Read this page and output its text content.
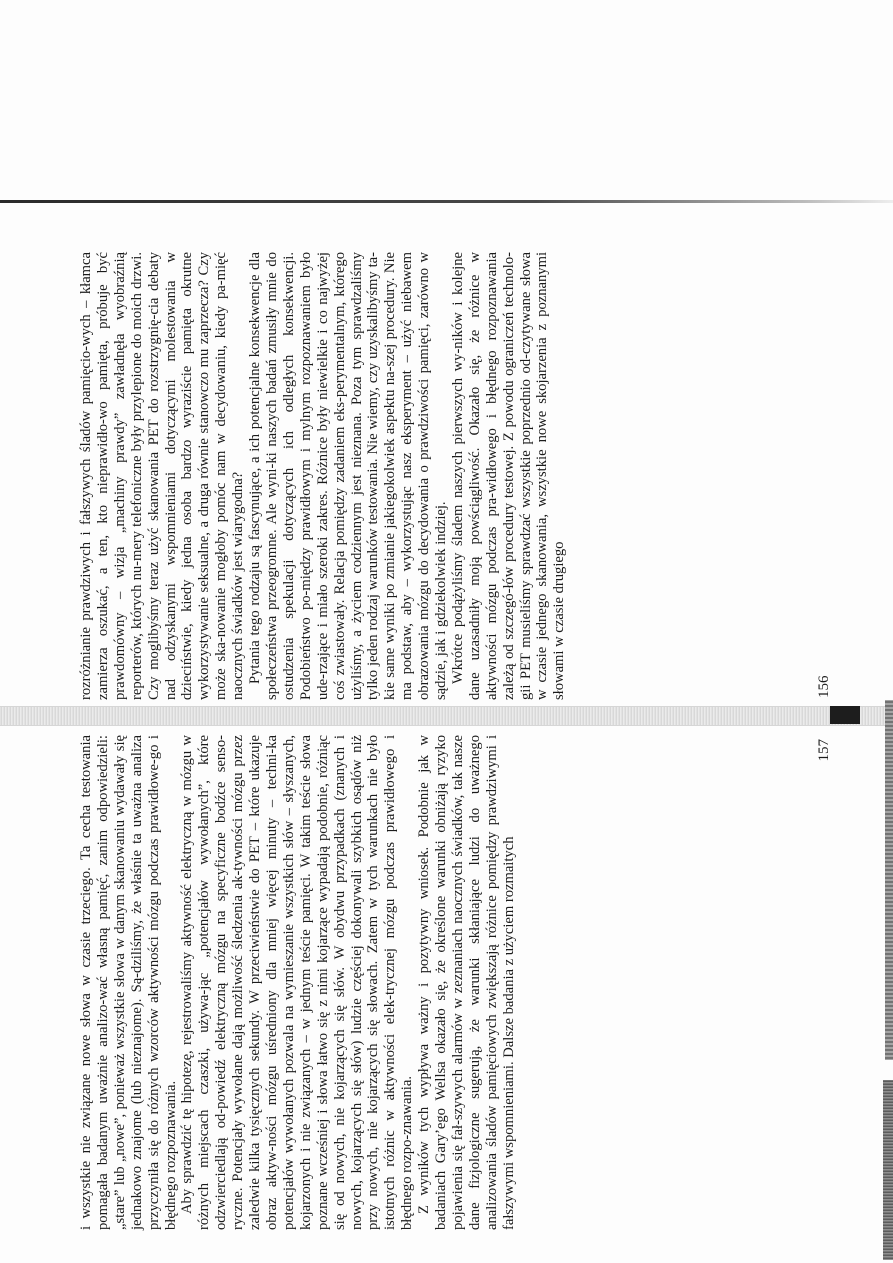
rozróżnianie prawdziwych i fałszywych śladów pamięcio-wych – kłamca zamierza oszukać, a ten, kto nieprawidło-wo pamięta, próbuje być prawdomówny – wizja „machiny prawdy” zawładnęła wyobraźnią reporterów, których nu-mery telefoniczne były przylepione do moich drzwi. Czy moglibyśmy teraz użyć skanowania PET do rozstrzygnię-cia debaty nad odzyskanymi wspomnieniami dotyczącymi molestowania w dzieciństwie, kiedy jedna osoba bardzo wyraziście pamięta okrutne wykorzystywanie seksualne, a druga równie stanowczo mu zaprzecza? Czy może ska-nowanie mogłoby pomóc nam w decydowaniu, kiedy pa-mięć naocznych świadków jest wiarygodna? Pytania tego rodzaju są fascynujące, a ich potencjalne konsekwencje dla społeczeństwa przeogromne. Ale wyni-ki naszych badań zmusiły mnie do ostudzenia spekulacji dotyczących ich odległych konsekwencji. Podobieństwo po-między prawidłowym i mylnym rozpoznawaniem było ude-rzające i miało szeroki zakres. Różnice były niewielkie i co najwyżej coś zwiastowały. Relacja pomiędzy zadaniem eks-perymentalnym, którego użyliśmy, a życiem codziennym jest nieznana. Poza tym sprawdzaliśmy tylko jeden rodzaj warunków testowania. Nie wiemy, czy uzyskalibyśmy ta-kie same wyniki po zmianie jakiegokolwiek aspektu na-szej procedury. Nie ma podstaw, aby – wykorzystując nasz eksperyment – użyć niebawem obrazowania mózgu do decydowania o prawdziwości pamięci, zarówno w sądzie, jak i gdziekolwiek indziej. Wkrótce podążyliśmy śladem naszych pierwszych wy-ników i kolejne dane uzasadniły moją powściągliwość. Okazało się, że różnice w aktywności mózgu podczas pra-widłowego i błędnego rozpoznawania zależą od szczegó-łów procedury testowej. Z powodu ograniczeń technolo-gii PET musieliśmy sprawdzać wszystkie poprzednio od-czytywane słowa w czasie jednego skanowania, wszystkie nowe skojarzenia z poznanymi słowami w czasie drugiego	156

i wszystkie nie związane nowe słowa w czasie trzeciego. Ta cecha testowania pomagała badanym uważnie analizo-wać własną pamięć, zanim odpowiedzieli: „stare” lub „nowe”, ponieważ wszystkie słowa w danym skanowaniu wydawały się jednakowo znajome (lub nieznajome). Są-dziliśmy, że właśnie ta uważna analiza przyczyniła się do różnych wzorców aktywności mózgu podczas prawidłowe-go i błędnego rozpoznawania. Aby sprawdzić tę hipotezę, rejestrowaliśmy aktywność elektryczną w mózgu w różnych miejscach czaszki, używa-jąc „potencjałów wywołanych”, które odzwierciedlają od-powiedź elektryczną mózgu na specyficzne bodźce senso-ryczne. Potencjały wywołane dają możliwość śledzenia ak-tywności mózgu przez zaledwie kilka tysięcznych sekundy. W przeciwieństwie do PET – które ukazuje obraz aktyw-ności mózgu uśredniony dla mniej więcej minuty – techni-ka potencjałów wywołanych pozwala na wymieszanie wszystkich słów – słyszanych, kojarzonych i nie związanych – w jednym teście pamięci. W takim teście słowa poznane wcześniej i słowa łatwo się z nimi kojarzące wypadają podobnie, różniąc się od nowych, nie kojarzących się słów. W obydwu przypadkach (znanych i nowych, kojarzących się słów) ludzie częściej dokonywali szybkich osądów niż przy nowych, nie kojarzących się słowach. Zatem w tych warunkach nie było istotnych różnic w aktywności elek-trycznej mózgu podczas prawidłowego i błędnego rozpo-znawania. Z wyników tych wypływa ważny i pozytywny wniosek. Podobnie jak w badaniach Gary’ego Wellsa okazało się, że określone warunki obniżają ryzyko pojawienia się fał-szywych alarmów w zeznaniach naocznych świadków, tak nasze dane fizjologiczne sugerują, że warunki skłaniające ludzi do uważnego analizowania śladów pamięciowych zwiększają różnice pomiędzy prawdziwymi i fałszywymi wspomnieniami. Dalsze badania z użyciem rozmaitych

157
